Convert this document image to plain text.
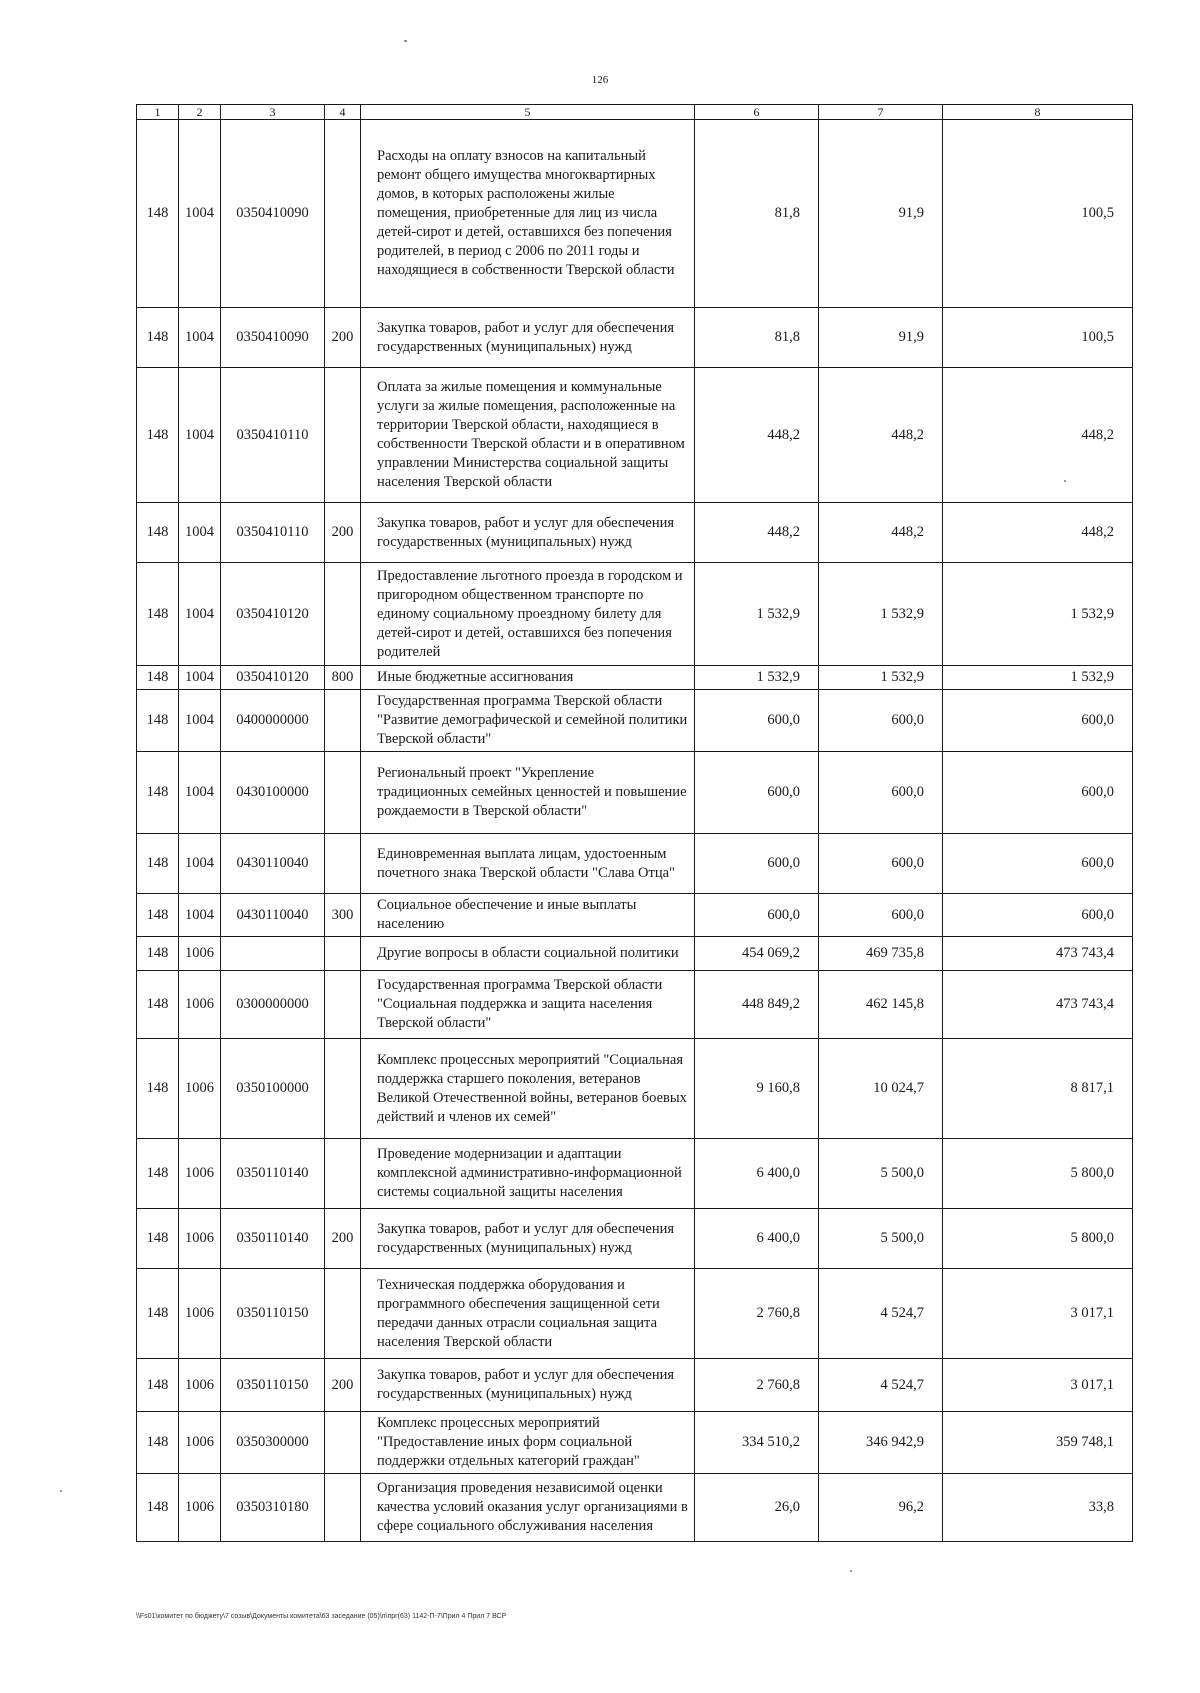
126
1	2	3	4	5	6	7	8
148	1004	0350410090		Расходы на оплату взносов на капитальный ремонт общего имущества многоквартирных домов, в которых расположены жилые помещения, приобретенные для лиц из числа детей-сирот и детей, оставшихся без попечения родителей, в период с 2006 по 2011 годы и находящиеся в собственности Тверской области	81,8	91,9	100,5
148	1004	0350410090	200	Закупка товаров, работ и услуг для обеспечения государственных (муниципальных) нужд	81,8	91,9	100,5
148	1004	0350410110		Оплата за жилые помещения и коммунальные услуги за жилые помещения, расположенные на территории Тверской области, находящиеся в собственности Тверской области и в оперативном управлении Министерства социальной защиты населения Тверской области	448,2	448,2	448,2
148	1004	0350410110	200	Закупка товаров, работ и услуг для обеспечения государственных (муниципальных) нужд	448,2	448,2	448,2
148	1004	0350410120		Предоставление льготного проезда в городском и пригородном общественном транспорте по единому социальному проездному билету для детей-сирот и детей, оставшихся без попечения родителей	1 532,9	1 532,9	1 532,9
148	1004	0350410120	800	Иные бюджетные ассигнования	1 532,9	1 532,9	1 532,9
148	1004	0400000000		Государственная программа Тверской области "Развитие демографической и семейной политики Тверской области"	600,0	600,0	600,0
148	1004	0430100000		Региональный проект "Укрепление традиционных семейных ценностей и повышение рождаемости в Тверской области"	600,0	600,0	600,0
148	1004	0430110040		Единовременная выплата лицам, удостоенным почетного знака Тверской области "Слава Отца"	600,0	600,0	600,0
148	1004	0430110040	300	Социальное обеспечение и иные выплаты населению	600,0	600,0	600,0
148	1006			Другие вопросы в области социальной политики	454 069,2	469 735,8	473 743,4
148	1006	0300000000		Государственная программа Тверской области "Социальная поддержка и защита населения Тверской области"	448 849,2	462 145,8	473 743,4
148	1006	0350100000		Комплекс процессных мероприятий "Социальная поддержка старшего поколения, ветеранов Великой Отечественной войны, ветеранов боевых действий и членов их семей"	9 160,8	10 024,7	8 817,1
148	1006	0350110140		Проведение модернизации и адаптации комплексной административно-информационной системы социальной защиты населения	6 400,0	5 500,0	5 800,0
148	1006	0350110140	200	Закупка товаров, работ и услуг для обеспечения государственных (муниципальных) нужд	6 400,0	5 500,0	5 800,0
148	1006	0350110150		Техническая поддержка оборудования и программного обеспечения защищенной сети передачи данных отрасли социальная защита населения Тверской области	2 760,8	4 524,7	3 017,1
148	1006	0350110150	200	Закупка товаров, работ и услуг для обеспечения государственных (муниципальных) нужд	2 760,8	4 524,7	3 017,1
148	1006	0350300000		Комплекс процессных мероприятий "Предоставление иных форм социальной поддержки отдельных категорий граждан"	334 510,2	346 942,9	359 748,1
148	1006	0350310180		Организация проведения независимой оценки качества условий оказания услуг организациями в сфере социального обслуживания населения	26,0	96,2	33,8
\\Fs01\комитет по бюджету\7 созыв\Документы комитета\63 заседание (05)\п\прг(63) 1142-П-7\Прил 4 Прил 7 ВСР
